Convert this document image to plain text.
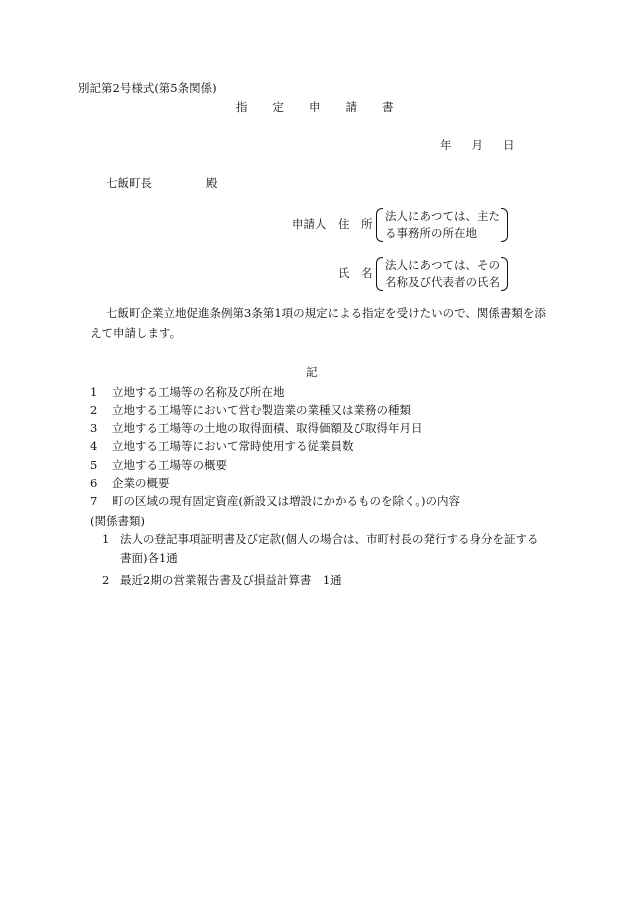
別記第2号様式(第5条関係)
指定申請書
年 月 日
七飯町長	殿
申請人 住　所
法人にあつては、主た
る事務所の所在地
氏　名
法人にあつては、その
名称及び代表者の氏名
七飯町企業立地促進条例第3条第1項の規定による指定を受けたいので、関係書類を添
えて申請します。
記
1 立地する工場等の名称及び所在地
2 立地する工場等において営む製造業の業種又は業務の種類
3 立地する工場等の土地の取得面積、取得価額及び取得年月日
4 立地する工場等において常時使用する従業員数
5 立地する工場等の概要
6 企業の概要
7 町の区域の現有固定資産(新設又は増設にかかるものを除く。)の内容
(関係書類)
1 法人の登記事項証明書及び定款(個人の場合は、市町村長の発行する身分を証する
書面)各1通
2 最近2期の営業報告書及び損益計算書　1通
